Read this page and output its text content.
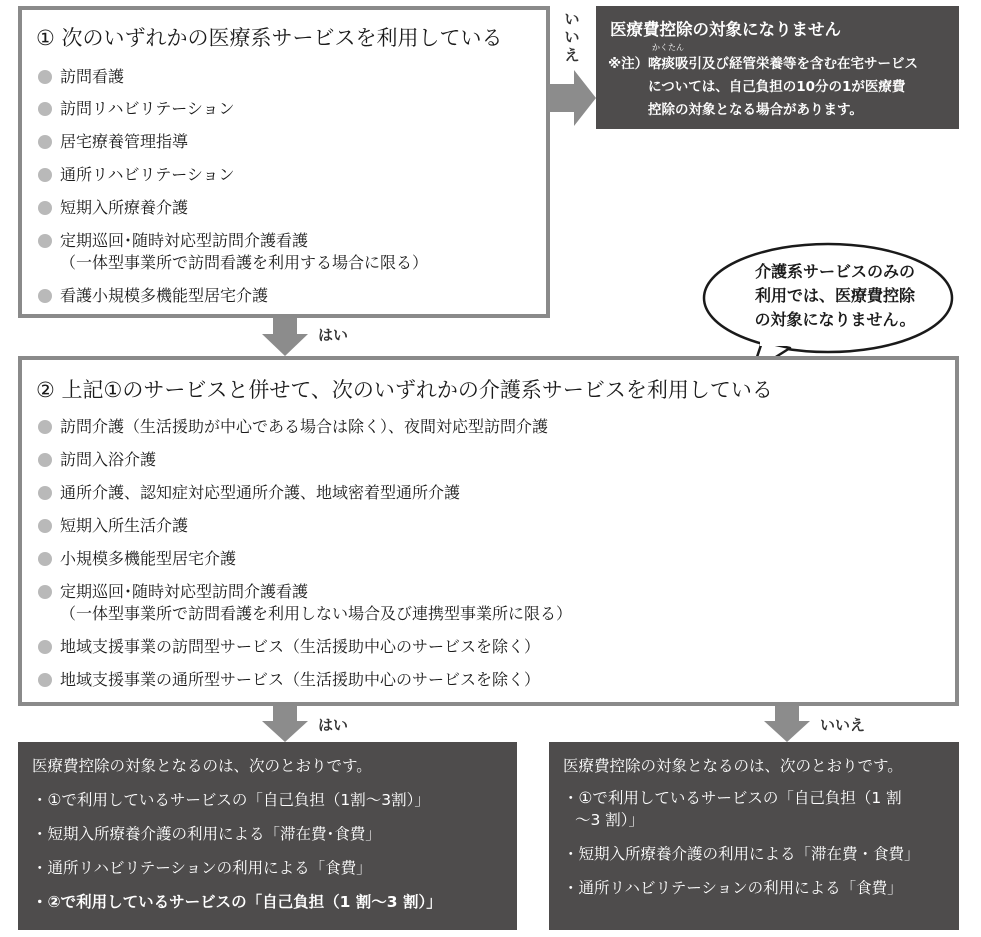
① 次のいずれかの医療系サービスを利用している
訪問看護
訪問リハビリテーション
居宅療養管理指導
通所リハビリテーション
短期入所療養介護
定期巡回･随時対応型訪問介護看護
（一体型事業所で訪問看護を利用する場合に限る）
看護小規模多機能型居宅介護
い
い
え
医療費控除の対象になりません
※注）
かくたん
喀痰吸引及び経管栄養等を含む在宅サービス
については、自己負担の10分の1が医療費
控除の対象となる場合があります。
介護系サービスのみの
利用では、医療費控除
の対象になりません。
はい
② 上記①のサービスと併せて、次のいずれかの介護系サービスを利用している
訪問介護（生活援助が中心である場合は除く）、夜間対応型訪問介護
訪問入浴介護
通所介護、認知症対応型通所介護、地域密着型通所介護
短期入所生活介護
小規模多機能型居宅介護
定期巡回･随時対応型訪問介護看護
（一体型事業所で訪問看護を利用しない場合及び連携型事業所に限る）
地域支援事業の訪問型サービス（生活援助中心のサービスを除く）
地域支援事業の通所型サービス（生活援助中心のサービスを除く）
はい	いいえ
医療費控除の対象となるのは、次のとおりです。
・①で利用しているサービスの「自己負担（1割～3割）」
・短期入所療養介護の利用による「滞在費･食費」
・通所リハビリテーションの利用による「食費」
・②で利用しているサービスの「自己負担（1 割～3 割）」
医療費控除の対象となるのは、次のとおりです。
・①で利用しているサービスの「自己負担（1 割
～3 割）」
・短期入所療養介護の利用による「滞在費・食費」
・通所リハビリテーションの利用による「食費」
